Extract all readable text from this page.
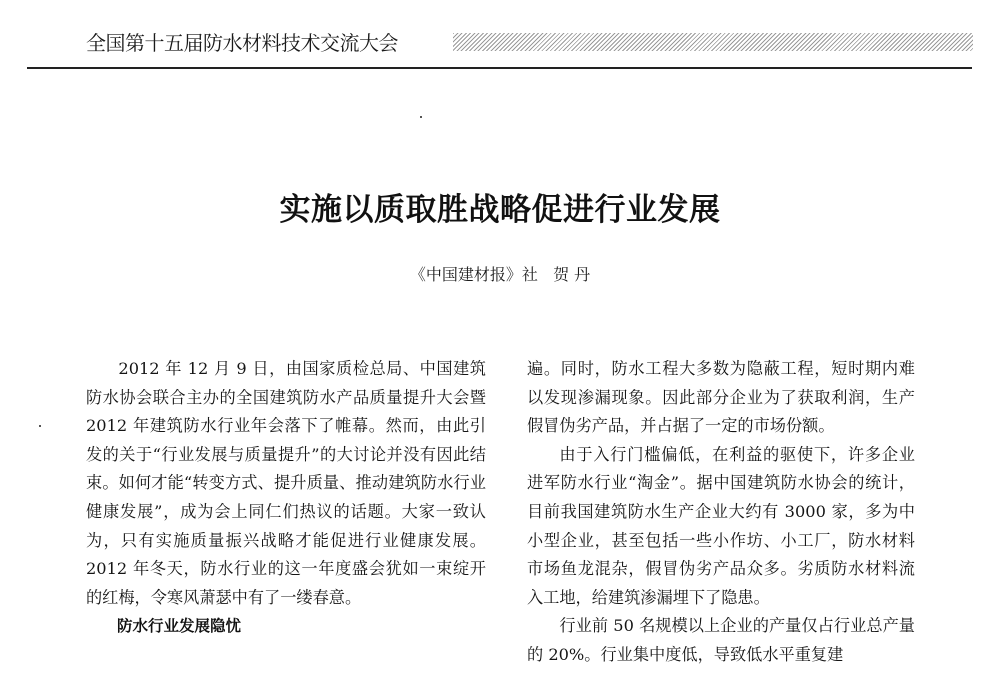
全国第十五届防水材料技术交流大会
实施以质取胜战略促进行业发展
《中国建材报》社   贺 丹

2012 年 12 月 9 日，由国家质检总局、中国建筑防水协会联合主办的全国建筑防水产品质量提升大会暨 2012 年建筑防水行业年会落下了帷幕。然而，由此引发的关于“行业发展与质量提升”的大讨论并没有因此结束。如何才能“转变方式、提升质量、推动建筑防水行业健康发展”，成为会上同仁们热议的话题。大家一致认为，只有实施质量振兴战略才能促进行业健康发展。2012 年冬天，防水行业的这一年度盛会犹如一束绽开的红梅，令寒风萧瑟中有了一缕春意。

防水行业发展隐忧

遍。同时，防水工程大多数为隐蔽工程，短时期内难以发现渗漏现象。因此部分企业为了获取利润，生产假冒伪劣产品，并占据了一定的市场份额。

由于入行门槛偏低，在利益的驱使下，许多企业进军防水行业“淘金”。据中国建筑防水协会的统计，目前我国建筑防水生产企业大约有 3000 家，多为中小型企业，甚至包括一些小作坊、小工厂，防水材料市场鱼龙混杂，假冒伪劣产品众多。劣质防水材料流入工地，给建筑渗漏埋下了隐患。

行业前 50 名规模以上企业的产量仅占行业总产量的 20%。行业集中度低，导致低水平重复建
